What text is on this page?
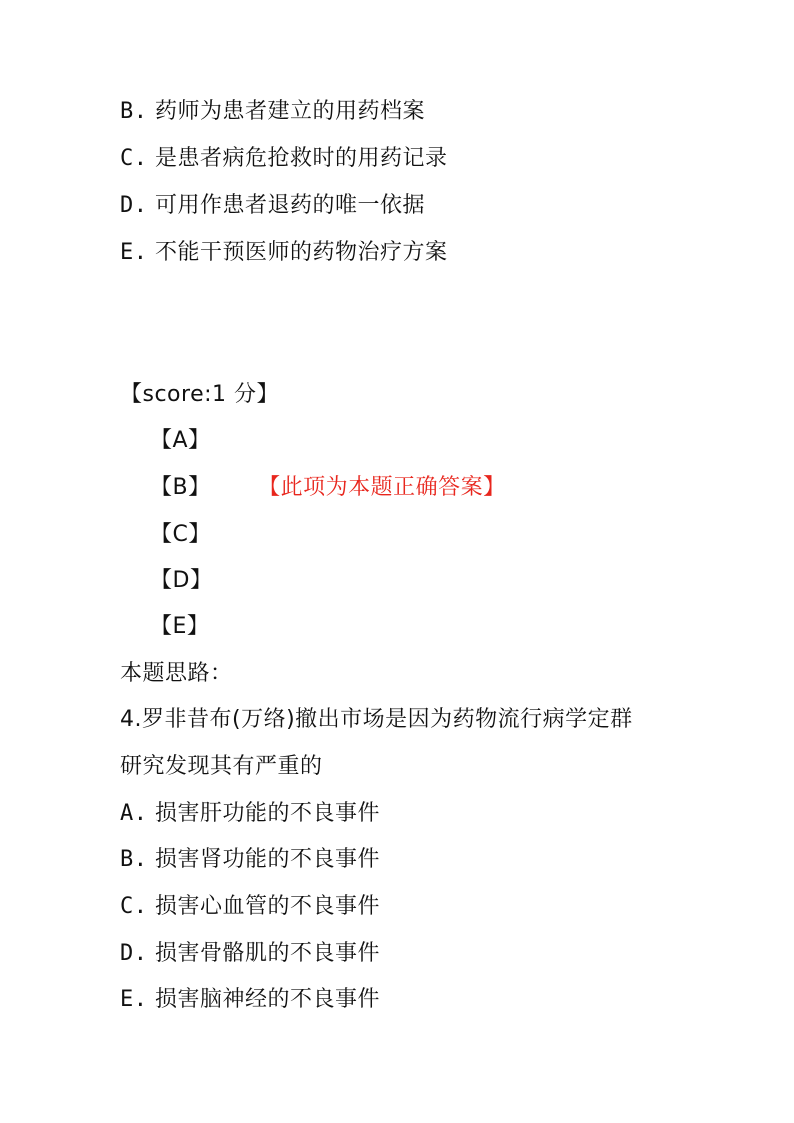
B. 药师为患者建立的用药档案
C. 是患者病危抢救时的用药记录
D. 可用作患者退药的唯一依据
E. 不能干预医师的药物治疗方案
【score:1 分】
【A】
【B】 【此项为本题正确答案】
【C】
【D】
【E】
本题思路：
4.罗非昔布(万络)撤出市场是因为药物流行病学定群
研究发现其有严重的
A. 损害肝功能的不良事件
B. 损害肾功能的不良事件
C. 损害心血管的不良事件
D. 损害骨骼肌的不良事件
E. 损害脑神经的不良事件
